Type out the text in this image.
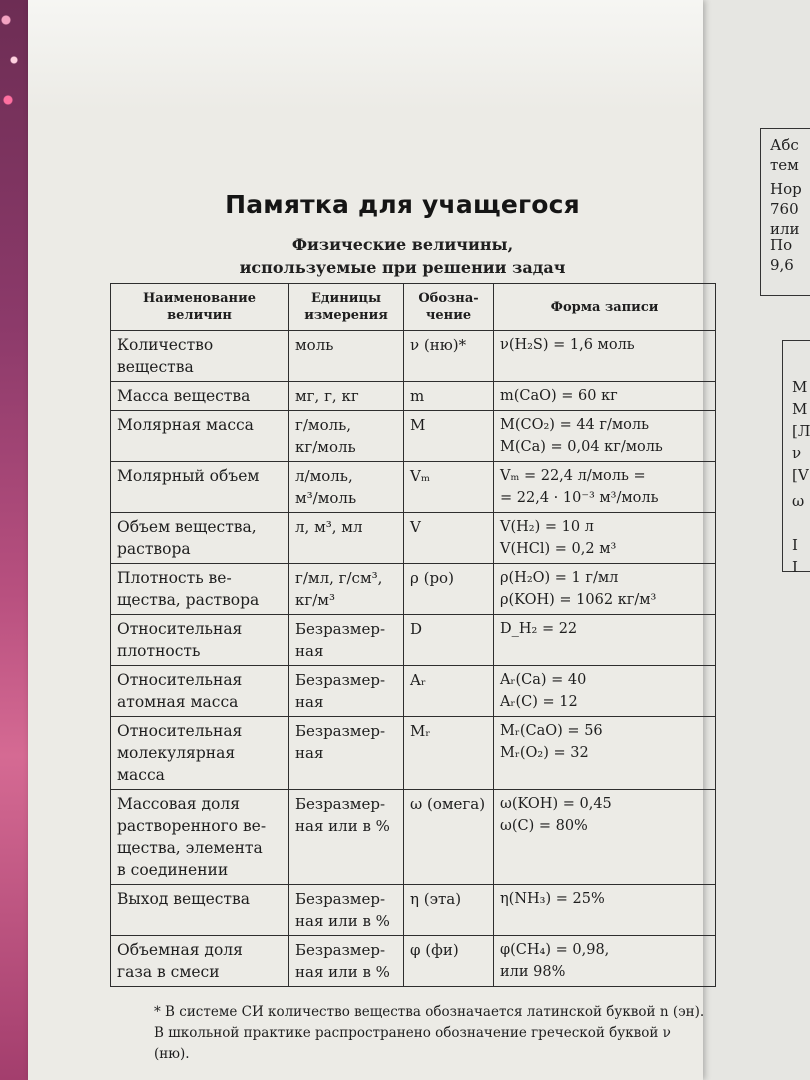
Абс
тем
Нор
760
или
По
9,6
М
М
[Л
ν
[V
ω
I
I
Памятка для учащегося
Физические величины,
используемые при решении задач
Наименование
величин	Единицы
измерения	Обозна-
чение	Форма записи
Количество
вещества	моль	ν (ню)*	ν(H₂S) = 1,6 моль
Масса вещества	мг, г, кг	m	m(CaO) = 60 кг
Молярная масса	г/моль,
кг/моль	M	M(CO₂) = 44 г/моль
M(Ca) = 0,04 кг/моль
Молярный объем	л/моль,
м³/моль	Vₘ	Vₘ = 22,4 л/моль =
= 22,4 · 10⁻³ м³/моль
Объем вещества,
раствора	л, м³, мл	V	V(H₂) = 10 л
V(HCl) = 0,2 м³
Плотность ве-
щества, раствора	г/мл, г/см³,
кг/м³	ρ (ро)	ρ(H₂O) = 1 г/мл
ρ(KOH) = 1062 кг/м³
Относительная
плотность	Безразмер-
ная	D	D_H₂ = 22
Относительная
атомная масса	Безразмер-
ная	Aᵣ	Aᵣ(Ca) = 40
Aᵣ(C) = 12
Относительная
молекулярная
масса	Безразмер-
ная	Mᵣ	Mᵣ(CaO) = 56
Mᵣ(O₂) = 32
Массовая доля
растворенного ве-
щества, элемента
в соединении	Безразмер-
ная или в %	ω (омега)	ω(KOH) = 0,45
ω(C) = 80%
Выход вещества	Безразмер-
ная или в %	η (эта)	η(NH₃) = 25%
Объемная доля
газа в смеси	Безразмер-
ная или в %	φ (фи)	φ(CH₄) = 0,98,
или 98%
* В системе СИ количество вещества обозначается латинской буквой n (эн). В школьной практике распространено обозначение греческой буквой ν (ню).
